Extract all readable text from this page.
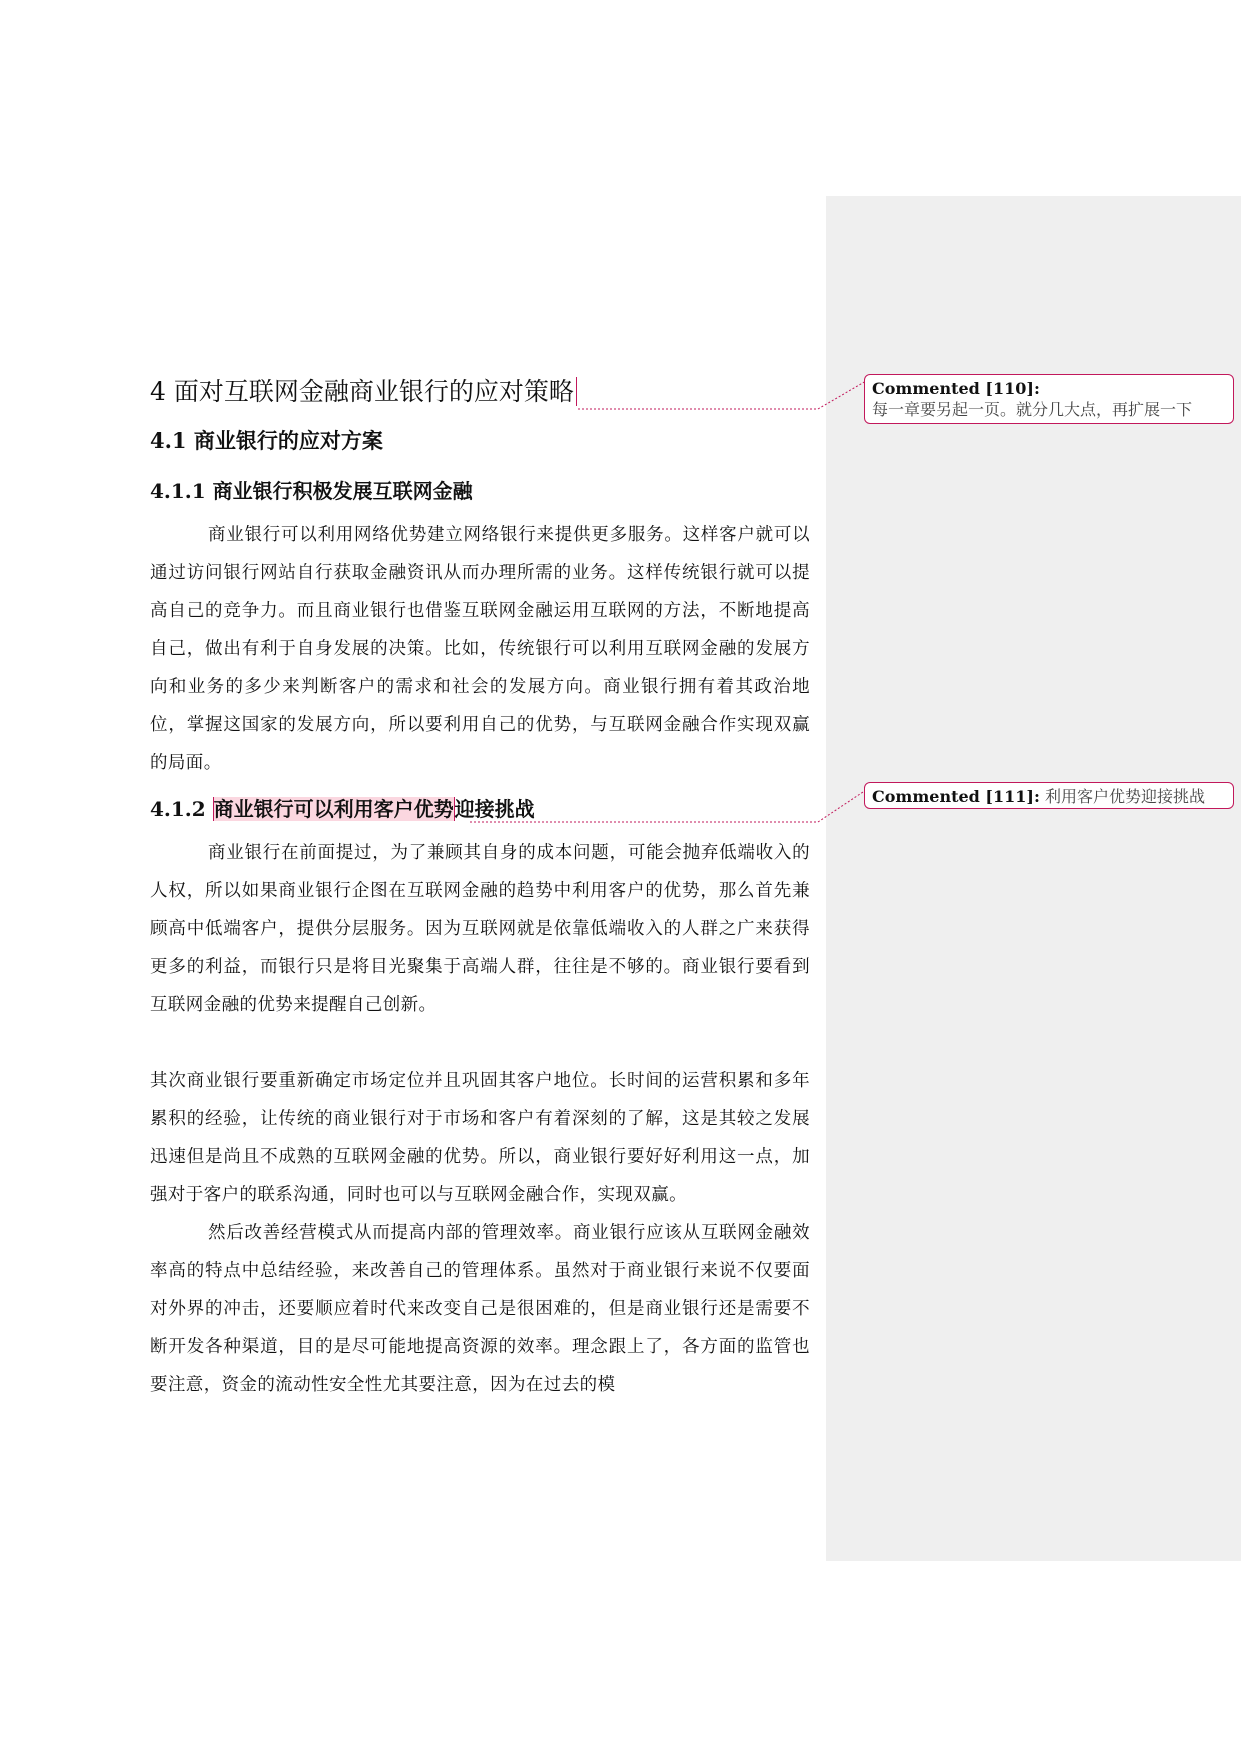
4 面对互联网金融商业银行的应对策略
4.1 商业银行的应对方案
4.1.1 商业银行积极发展互联网金融

商业银行可以利用网络优势建立网络银行来提供更多服务。这样客户就可以通过访问银行网站自行获取金融资讯从而办理所需的业务。这样传统银行就可以提高自己的竞争力。而且商业银行也借鉴互联网金融运用互联网的方法，不断地提高自己，做出有利于自身发展的决策。比如，传统银行可以利用互联网金融的发展方向和业务的多少来判断客户的需求和社会的发展方向。商业银行拥有着其政治地位，掌握这国家的发展方向，所以要利用自己的优势，与互联网金融合作实现双赢的局面。

4.1.2 商业银行可以利用客户优势迎接挑战

商业银行在前面提过，为了兼顾其自身的成本问题，可能会抛弃低端收入的人权，所以如果商业银行企图在互联网金融的趋势中利用客户的优势，那么首先兼顾高中低端客户，提供分层服务。因为互联网就是依靠低端收入的人群之广来获得更多的利益，而银行只是将目光聚集于高端人群，往往是不够的。商业银行要看到互联网金融的优势来提醒自己创新。

其次商业银行要重新确定市场定位并且巩固其客户地位。长时间的运营积累和多年累积的经验，让传统的商业银行对于市场和客户有着深刻的了解，这是其较之发展迅速但是尚且不成熟的互联网金融的优势。所以，商业银行要好好利用这一点，加强对于客户的联系沟通，同时也可以与互联网金融合作，实现双赢。

然后改善经营模式从而提高内部的管理效率。商业银行应该从互联网金融效率高的特点中总结经验，来改善自己的管理体系。虽然对于商业银行来说不仅要面对外界的冲击，还要顺应着时代来改变自己是很困难的，但是商业银行还是需要不断开发各种渠道，目的是尽可能地提高资源的效率。理念跟上了，各方面的监管也要注意，资金的流动性安全性尤其要注意，因为在过去的模

Commented [110]:
每一章要另起一页。就分几大点，再扩展一下
Commented [111]: 利用客户优势迎接挑战
